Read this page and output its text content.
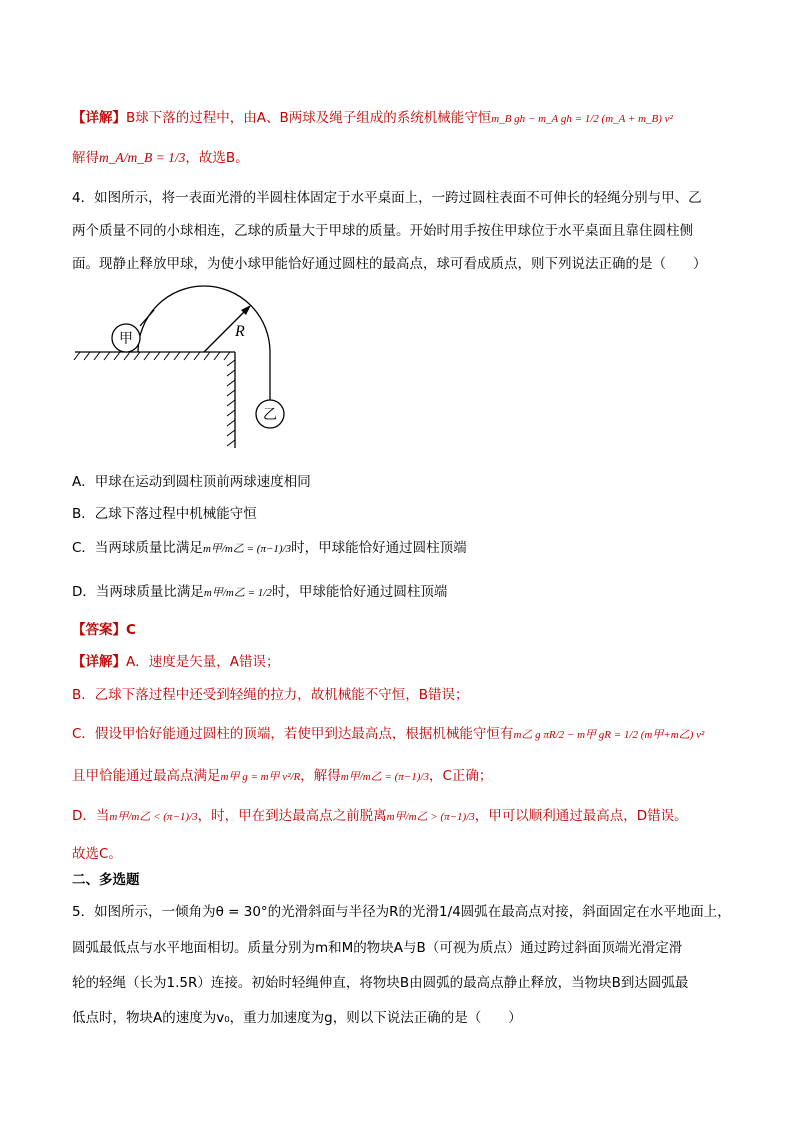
【详解】B球下落的过程中，由A、B两球及绳子组成的系统机械能守恒m_B gh − m_A gh = 1/2 (m_A + m_B) v²
解得m_A/m_B = 1/3，故选B。
4．如图所示，将一表面光滑的半圆柱体固定于水平桌面上，一跨过圆柱表面不可伸长的轻绳分别与甲、乙
两个质量不同的小球相连，乙球的质量大于甲球的质量。开始时用手按住甲球位于水平桌面且靠住圆柱侧
面。现静止释放甲球，为使小球甲能恰好通过圆柱的最高点，球可看成质点，则下列说法正确的是（　　）
甲
乙
R
A．甲球在运动到圆柱顶前两球速度相同
B．乙球下落过程中机械能守恒
C．当两球质量比满足m甲/m乙 = (π−1)/3时，甲球能恰好通过圆柱顶端
D．当两球质量比满足m甲/m乙 = 1/2时，甲球能恰好通过圆柱顶端
【答案】C
【详解】A．速度是矢量，A错误；
B．乙球下落过程中还受到轻绳的拉力，故机械能不守恒，B错误；
C．假设甲恰好能通过圆柱的顶端，若使甲到达最高点，根据机械能守恒有m乙 g πR/2 − m甲 gR = 1/2 (m甲+m乙) v²
且甲恰能通过最高点满足m甲 g = m甲 v²/R，解得m甲/m乙 = (π−1)/3，C正确；
D．当m甲/m乙 < (π−1)/3，时，甲在到达最高点之前脱离m甲/m乙 > (π−1)/3，甲可以顺利通过最高点，D错误。
故选C。
二、多选题
5．如图所示，一倾角为θ = 30°的光滑斜面与半径为R的光滑1/4圆弧在最高点对接，斜面固定在水平地面上，
圆弧最低点与水平地面相切。质量分别为m和M的物块A与B（可视为质点）通过跨过斜面顶端光滑定滑
轮的轻绳（长为1.5R）连接。初始时轻绳伸直，将物块B由圆弧的最高点静止释放，当物块B到达圆弧最
低点时，物块A的速度为v₀，重力加速度为g，则以下说法正确的是（　　）
